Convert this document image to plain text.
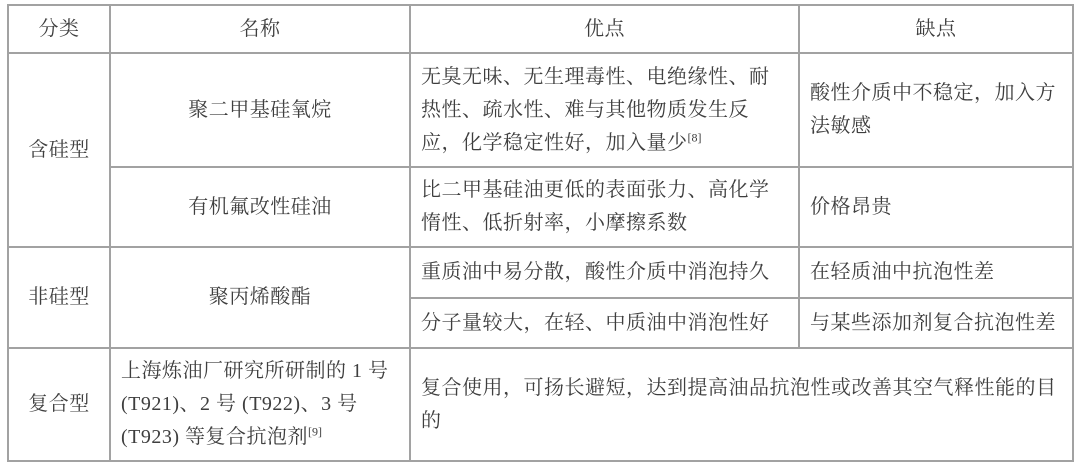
分类	名称	优点	缺点
含硅型	聚二甲基硅氧烷	无臭无味、无生理毒性、电绝缘性、耐热性、疏水性、难与其他物质发生反应，化学稳定性好，加入量少[8]	酸性介质中不稳定，加入方法敏感
	有机氟改性硅油	比二甲基硅油更低的表面张力、高化学惰性、低折射率，小摩擦系数	价格昂贵
非硅型	聚丙烯酸酯	重质油中易分散，酸性介质中消泡持久	在轻质油中抗泡性差
		分子量较大，在轻、中质油中消泡性好	与某些添加剂复合抗泡性差
复合型	上海炼油厂研究所研制的 1 号 (T921)、2 号 (T922)、3 号 (T923) 等复合抗泡剂[9]	复合使用，可扬长避短，达到提高油品抗泡性或改善其空气释性能的目的	
